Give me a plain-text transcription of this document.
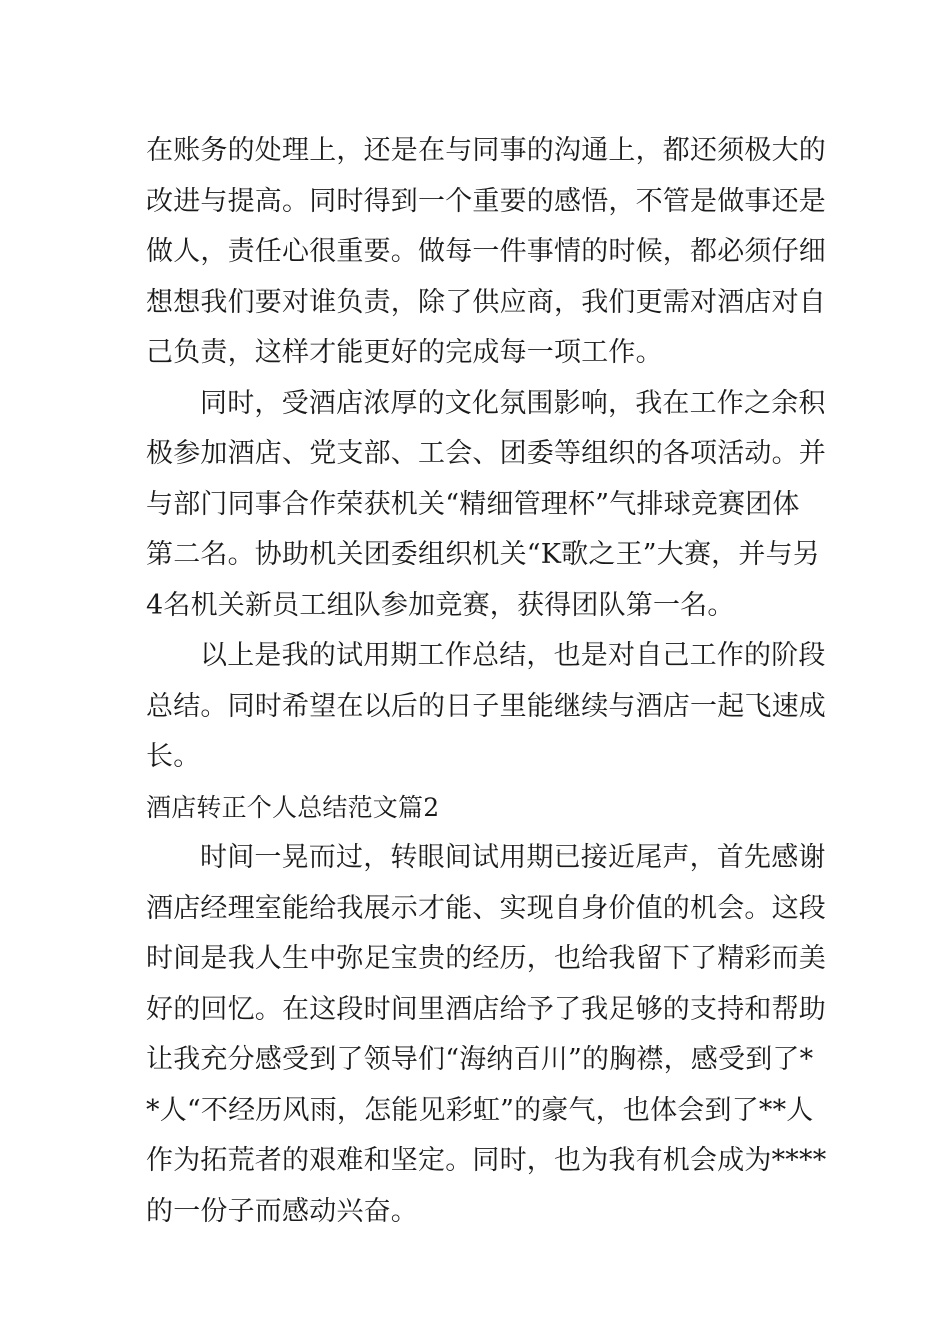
在账务的处理上，还是在与同事的沟通上，都还须极大的
改进与提高。同时得到一个重要的感悟，不管是做事还是
做人，责任心很重要。做每一件事情的时候，都必须仔细
想想我们要对谁负责，除了供应商，我们更需对酒店对自
己负责，这样才能更好的完成每一项工作。
同时，受酒店浓厚的文化氛围影响，我在工作之余积
极参加酒店、党支部、工会、团委等组织的各项活动。并
与部门同事合作荣获机关“精细管理杯”气排球竞赛团体
第二名。协助机关团委组织机关“K歌之王”大赛，并与另
4名机关新员工组队参加竞赛，获得团队第一名。
以上是我的试用期工作总结，也是对自己工作的阶段
总结。同时希望在以后的日子里能继续与酒店一起飞速成
长。
酒店转正个人总结范文篇2
时间一晃而过，转眼间试用期已接近尾声，首先感谢
酒店经理室能给我展示才能、实现自身价值的机会。这段
时间是我人生中弥足宝贵的经历，也给我留下了精彩而美
好的回忆。在这段时间里酒店给予了我足够的支持和帮助
让我充分感受到了领导们“海纳百川”的胸襟，感受到了*
*人“不经历风雨，怎能见彩虹”的豪气，也体会到了**人
作为拓荒者的艰难和坚定。同时，也为我有机会成为****
的一份子而感动兴奋。
